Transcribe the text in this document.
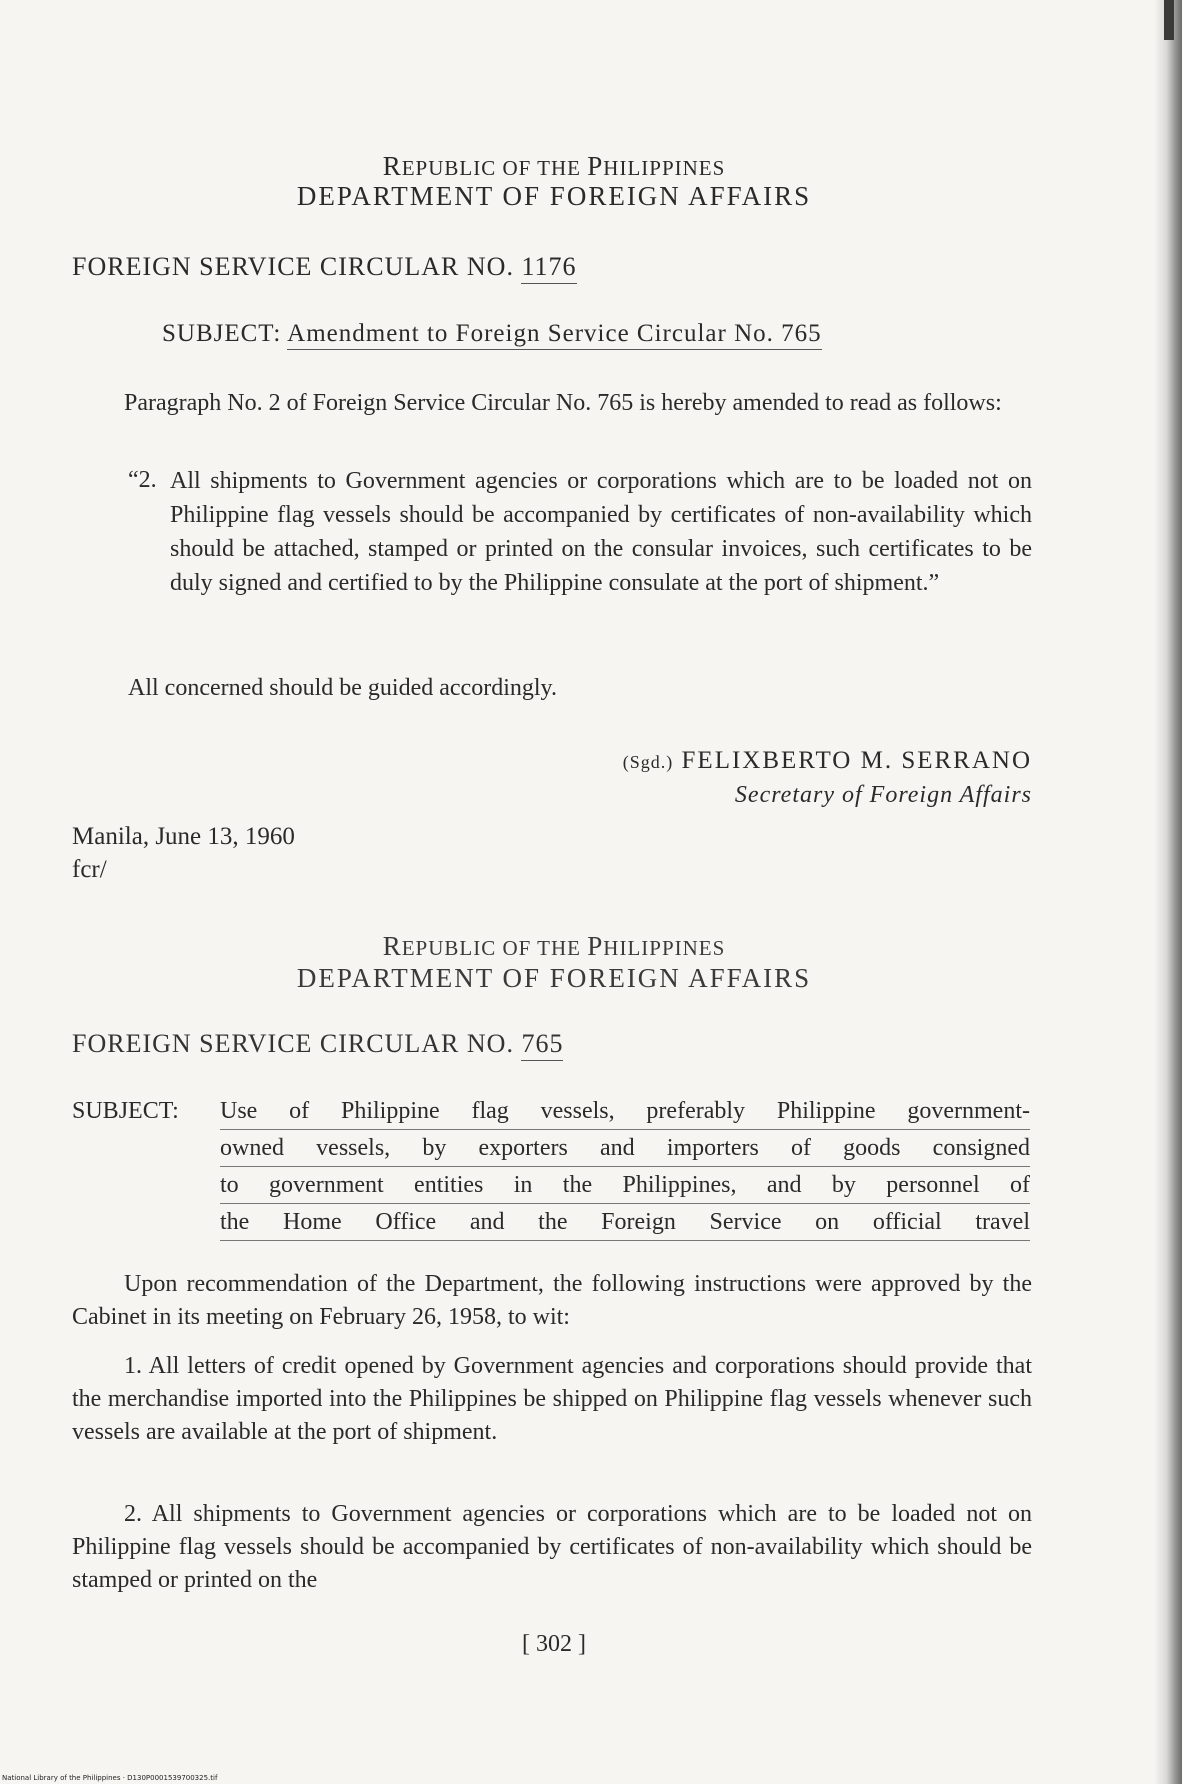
REPUBLIC OF THE PHILIPPINES
DEPARTMENT OF FOREIGN AFFAIRS
FOREIGN SERVICE CIRCULAR NO. 1176
SUBJECT: Amendment to Foreign Service Circular No. 765

Paragraph No. 2 of Foreign Service Circular No. 765 is hereby amended to read as follows:

“2. All shipments to Government agencies or corporations which are to be loaded not on Philippine flag vessels should be accompanied by certificates of non-availability which should be attached, stamped or printed on the consular invoices, such certificates to be duly signed and certified to by the Philippine consulate at the port of shipment.”

All concerned should be guided accordingly.

(Sgd.) FELIXBERTO M. SERRANO
Secretary of Foreign Affairs
Manila, June 13, 1960
fcr/
REPUBLIC OF THE PHILIPPINES
DEPARTMENT OF FOREIGN AFFAIRS
FOREIGN SERVICE CIRCULAR NO. 765
SUBJECT: Use of Philippine flag vessels, preferably Philippine government-
owned vessels, by exporters and importers of goods consigned
to government entities in the Philippines, and by personnel of
the Home Office and the Foreign Service on official travel

Upon recommendation of the Department, the following instructions were approved by the Cabinet in its meeting on February 26, 1958, to wit:

1. All letters of credit opened by Government agencies and corporations should provide that the merchandise imported into the Philippines be shipped on Philippine flag vessels whenever such vessels are available at the port of shipment.

2. All shipments to Government agencies or corporations which are to be loaded not on Philippine flag vessels should be accompanied by certificates of non-availability which should be stamped or printed on the

[ 302 ]
National Library of the Philippines · D130P0001539700325.tif
